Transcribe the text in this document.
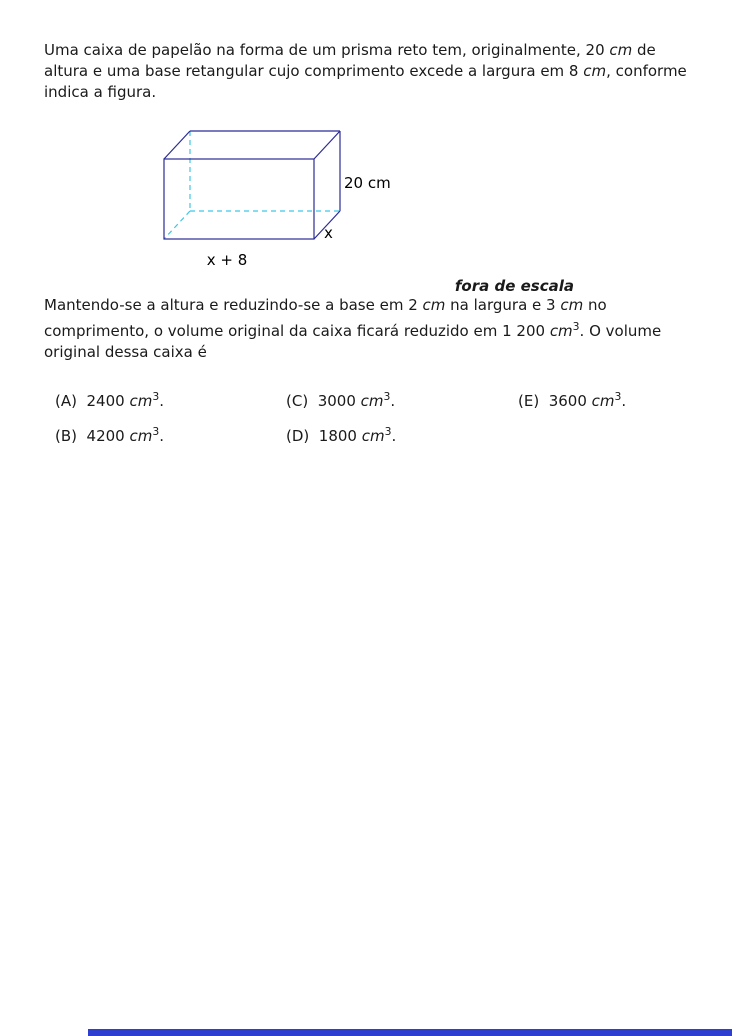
Uma caixa de papelão na forma de um prisma reto tem, originalmente, 20 cm de altura e uma base retangular cujo comprimento excede a largura em 8 cm, conforme indica a figura.

20 cm
x
x + 8
fora de escala

Mantendo-se a altura e reduzindo-se a base em 2 cm na largura e 3 cm no comprimento, o volume original da caixa ficará reduzido em 1 200 $cm^3$. O volume original dessa caixa é

(A)  2400 $cm^3$.
(B)  4200 $cm^3$.
(C)  3000 $cm^3$.
(D)  1800 $cm^3$.
(E)  3600 $cm^3$.
